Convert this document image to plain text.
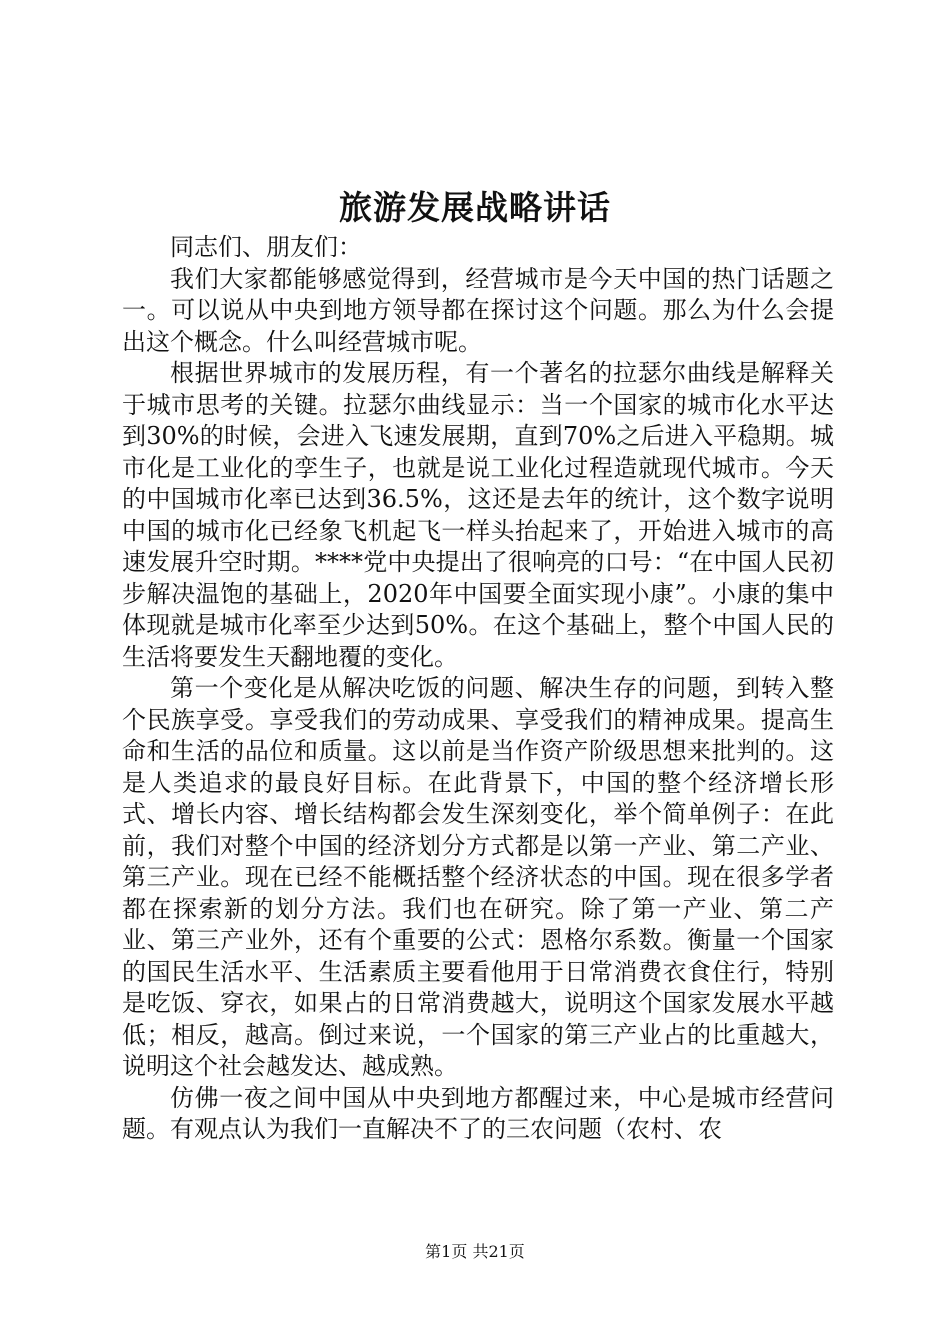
旅游发展战略讲话

同志们、朋友们：

我们大家都能够感觉得到，经营城市是今天中国的热门话题之一。可以说从中央到地方领导都在探讨这个问题。那么为什么会提出这个概念。什么叫经营城市呢。

根据世界城市的发展历程，有一个著名的拉瑟尔曲线是解释关于城市思考的关键。拉瑟尔曲线显示：当一个国家的城市化水平达到30%的时候，会进入飞速发展期，直到70%之后进入平稳期。城市化是工业化的孪生子，也就是说工业化过程造就现代城市。今天的中国城市化率已达到36.5%，这还是去年的统计，这个数字说明中国的城市化已经象飞机起飞一样头抬起来了，开始进入城市的高速发展升空时期。****党中央提出了很响亮的口号：“在中国人民初步解决温饱的基础上，2020年中国要全面实现小康”。小康的集中体现就是城市化率至少达到50%。在这个基础上，整个中国人民的生活将要发生天翻地覆的变化。

第一个变化是从解决吃饭的问题、解决生存的问题，到转入整个民族享受。享受我们的劳动成果、享受我们的精神成果。提高生命和生活的品位和质量。这以前是当作资产阶级思想来批判的。这是人类追求的最良好目标。在此背景下，中国的整个经济增长形式、增长内容、增长结构都会发生深刻变化，举个简单例子：在此前，我们对整个中国的经济划分方式都是以第一产业、第二产业、第三产业。现在已经不能概括整个经济状态的中国。现在很多学者都在探索新的划分方法。我们也在研究。除了第一产业、第二产业、第三产业外，还有个重要的公式：恩格尔系数。衡量一个国家的国民生活水平、生活素质主要看他用于日常消费衣食住行，特别是吃饭、穿衣，如果占的日常消费越大，说明这个国家发展水平越低；相反，越高。倒过来说，一个国家的第三产业占的比重越大，说明这个社会越发达、越成熟。

仿佛一夜之间中国从中央到地方都醒过来，中心是城市经营问题。有观点认为我们一直解决不了的三农问题（农村、农

第1页 共21页
